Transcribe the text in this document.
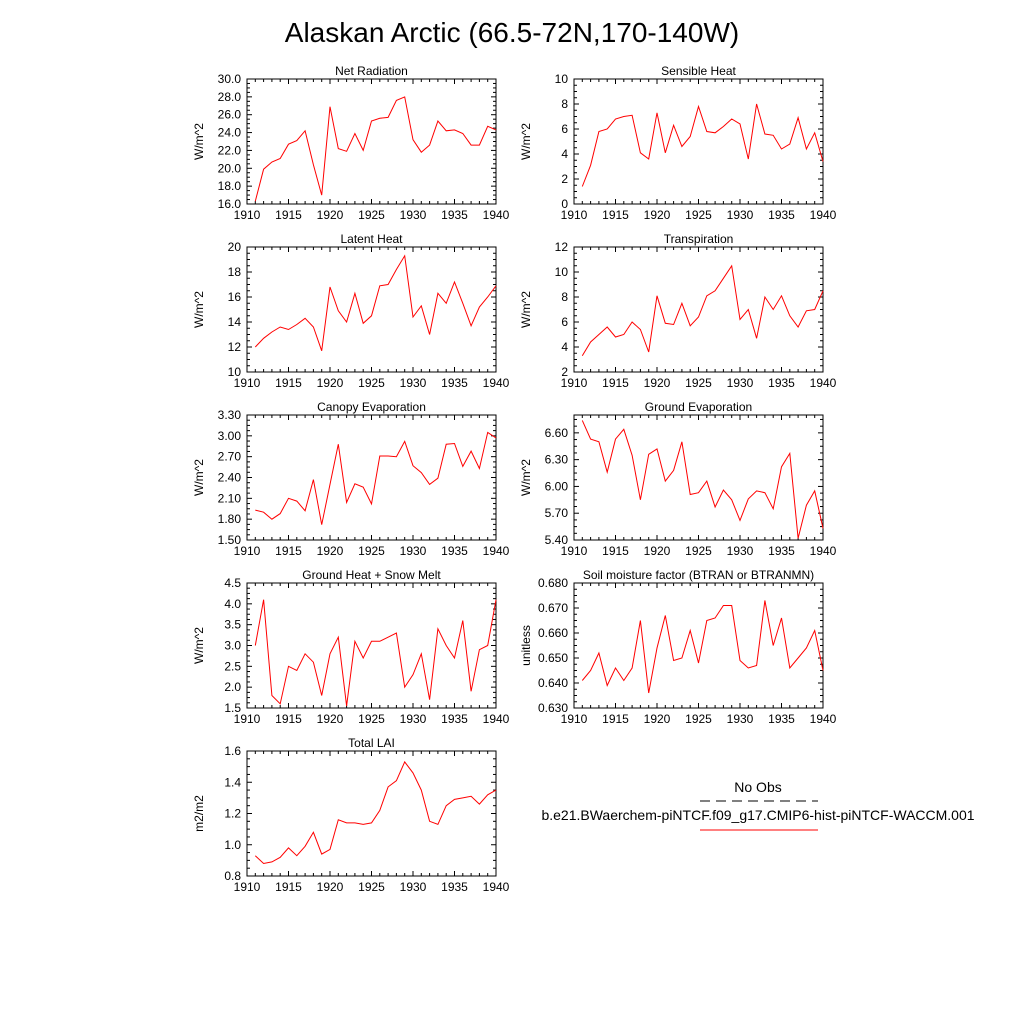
Alaskan Arctic (66.5-72N,170-140W)
Net Radiation
W/m^2
1910 1915 1920 1925 1930 1935 1940
16.0
18.0
20.0
22.0
24.0
26.0
28.0
30.0
Sensible Heat
W/m^2
1910 1915 1920 1925 1930 1935 1940
0
2
4
6
8
10
Latent Heat
W/m^2
1910 1915 1920 1925 1930 1935 1940
10
12
14
16
18
20
Transpiration
W/m^2
1910 1915 1920 1925 1930 1935 1940
2
4
6
8
10
12
Canopy Evaporation
W/m^2
1910 1915 1920 1925 1930 1935 1940
1.50
1.80
2.10
2.40
2.70
3.00
3.30
Ground Evaporation
W/m^2
1910 1915 1920 1925 1930 1935 1940
5.40
5.70
6.00
6.30
6.60
Ground Heat + Snow Melt
W/m^2
1910 1915 1920 1925 1930 1935 1940
1.5
2.0
2.5
3.0
3.5
4.0
4.5
Soil moisture factor (BTRAN or BTRANMN)
unitless
1910 1915 1920 1925 1930 1935 1940
0.630
0.640
0.650
0.660
0.670
0.680
Total LAI
m2/m2
1910 1915 1920 1925 1930 1935 1940
0.8
1.0
1.2
1.4
1.6
No Obs
b.e21.BWaerchem-piNTCF.f09_g17.CMIP6-hist-piNTCF-WACCM.001
